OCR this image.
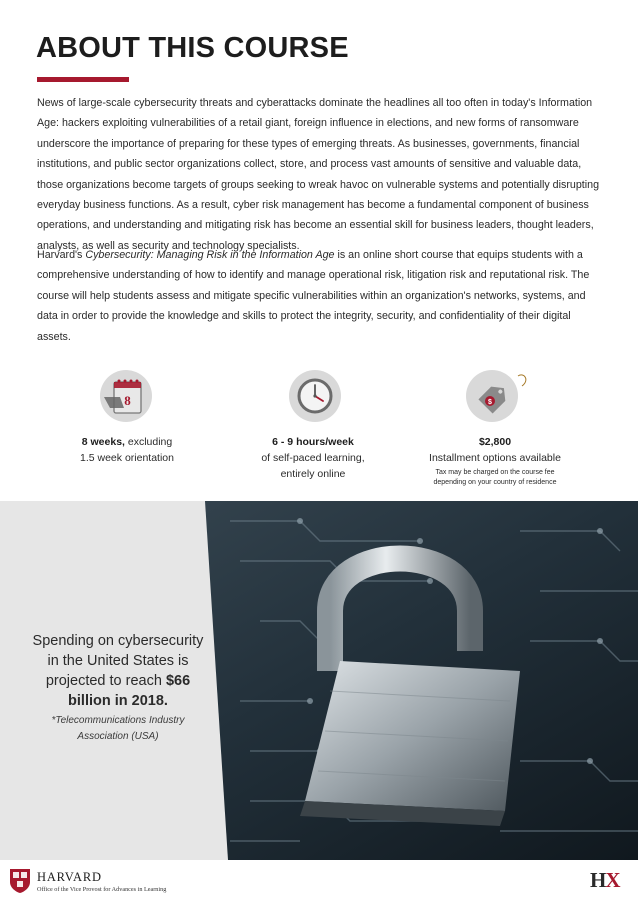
ABOUT THIS COURSE

News of large-scale cybersecurity threats and cyberattacks dominate the headlines all too often in today's Information Age: hackers exploiting vulnerabilities of a retail giant, foreign influence in elections, and new forms of ransomware underscore the importance of preparing for these types of emerging threats. As businesses, governments, financial institutions, and public sector organizations collect, store, and process vast amounts of sensitive and valuable data, those organizations become targets of groups seeking to wreak havoc on vulnerable systems and potentially disrupting everyday business functions. As a result, cyber risk management has become a fundamental component of business operations, and understanding and mitigating risk has become an essential skill for business leaders, thought leaders, analysts, as well as security and technology specialists.

Harvard's Cybersecurity: Managing Risk in the Information Age is an online short course that equips students with a comprehensive understanding of how to identify and manage operational risk, litigation risk and reputational risk. The course will help students assess and mitigate specific vulnerabilities within an organization's networks, systems, and data in order to provide the knowledge and skills to protect the integrity, security, and confidentiality of their digital assets.

8	$
8 weeks, excluding
1.5 week orientation
6 - 9 hours/week
of self-paced learning,
entirely online
$2,800
Installment options available
Tax may be charged on the course fee
depending on your country of residence
Spending on cybersecurity in the United States is projected to reach $66 billion in 2018.
*Telecommunications Industry Association (USA)
HARVARD
Office of the Vice Provost for Advances in Learning	HX
